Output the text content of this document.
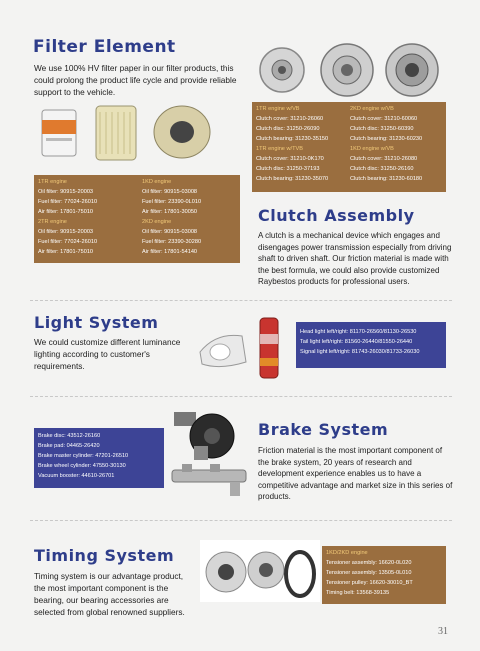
Filter Element
We use 100% HV filter paper in our filter products, this could prolong the product life cycle and provide reliable support to the vehicle.
1TR engine w/VB
Clutch cover: 31210-26060
Clutch disc: 31250-26090
Clutch bearing: 31230-35150
1TR engine w/TVB
Clutch cover: 31210-0K170
Clutch disc: 31250-37193
Clutch bearing: 31230-35070
2KD engine w/VB
Clutch cover: 31210-60060
Clutch disc: 31250-60390
Clutch bearing: 31230-60230
1KD engine w/VB
Clutch cover: 31210-26080
Clutch disc: 31250-26160
Clutch bearing: 31230-60180
1TR engine
Oil filter: 90915-20003
Fuel filter: 77024-26010
Air filter: 17801-75010
2TR engine
Oil filter: 90915-20003
Fuel filter: 77024-26010
Air filter: 17801-75010
1KD engine
Oil filter: 90915-03008
Fuel filter: 23390-0L010
Air filter: 17801-30050
2KD engine
Oil filter: 90915-03008
Fuel filter: 23390-30280
Air filter: 17801-54140
Clutch Assembly
A clutch is a mechanical device which engages and disengages power transmission especially from driving shaft to driven shaft. Our friction material is made with the best formula, we could also provide customized Raybestos products for professional users.
Light System
We could customize different luminance lighting according to customer's requirements.
Head light left/right: 81170-26560/81130-26530
Tail light left/right: 81560-26440/81550-26440
Signal light left/right: 81743-26030/81733-26030
Brake disc: 43512-26160
Brake pad: 04465-26420
Brake master cylinder: 47201-26510
Brake wheel cylinder: 47550-30130
Vacuum booster: 44610-26701
Brake System
Friction material is the most important component of the brake system, 20 years of research and development experience enables us to have a competitive advantage and market size in this series of products.
Timing System
Timing system is our advantage product, the most important component is the bearing, our bearing accessories are selected from global renowned suppliers.
1KD/2KD engine
Tensioner assembly: 16620-0L020
Tensioner assembly: 13505-0L010
Tensioner pulley: 16620-30010_BT
Timing belt: 13568-39135
31
